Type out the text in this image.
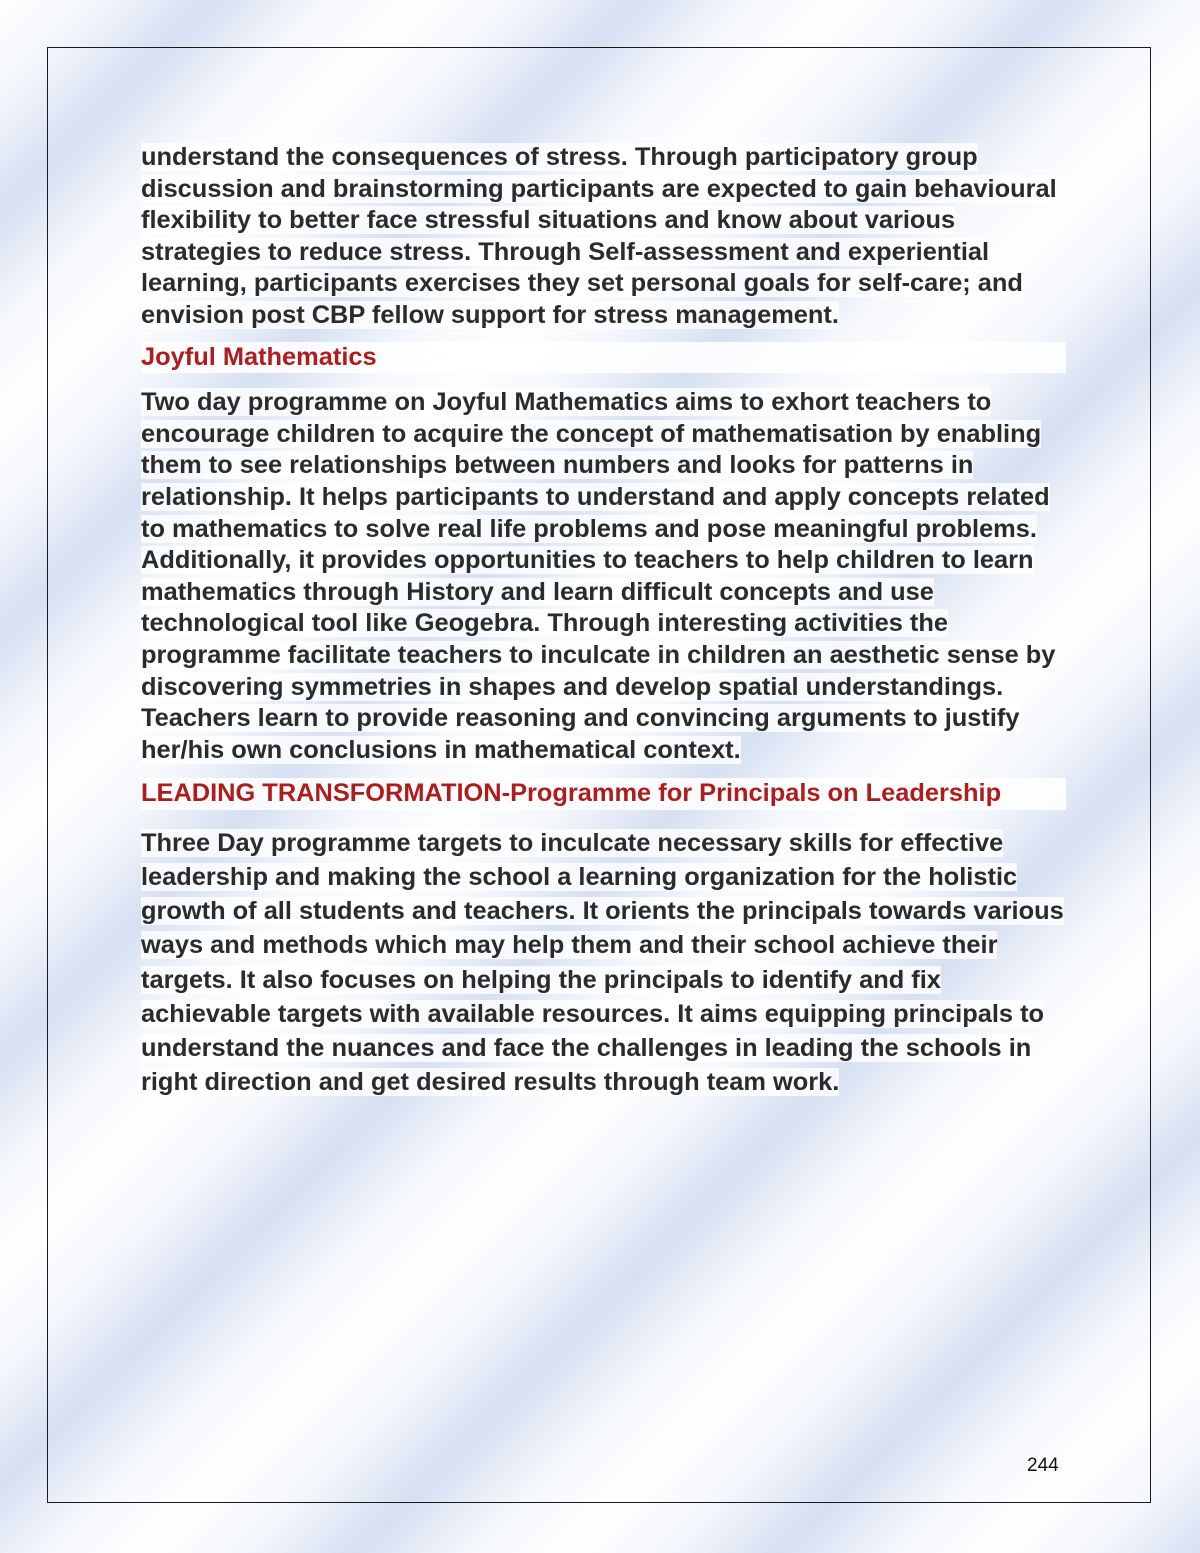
understand the consequences of stress. Through participatory group discussion and brainstorming participants are expected to gain behavioural flexibility to better face stressful situations and know about various strategies to reduce stress. Through Self-assessment and experiential learning, participants exercises they set personal goals for self-care; and envision post CBP fellow support for stress management.

Joyful Mathematics

Two day programme on Joyful Mathematics aims to exhort teachers to encourage children to acquire the concept of mathematisation by enabling them to see relationships between numbers and looks for patterns in relationship. It helps participants to understand and apply concepts related to mathematics to solve real life problems and pose meaningful problems. Additionally, it provides opportunities to teachers to help children to learn mathematics through History and learn difficult concepts and use technological tool like Geogebra. Through interesting activities the programme facilitate teachers to inculcate in children an aesthetic sense by discovering symmetries in shapes and develop spatial understandings. Teachers learn to provide reasoning and convincing arguments to justify her/his own conclusions in mathematical context.

LEADING TRANSFORMATION-Programme for Principals on Leadership

Three Day programme targets to inculcate necessary skills for effective leadership and making the school a learning organization for the holistic growth of all students and teachers. It orients the principals towards various ways and methods which may help them and their school achieve their targets. It also focuses on helping the principals to identify and fix achievable targets with available resources. It aims equipping principals to understand the nuances and face the challenges in leading the schools in right direction and get desired results through team work.

244
